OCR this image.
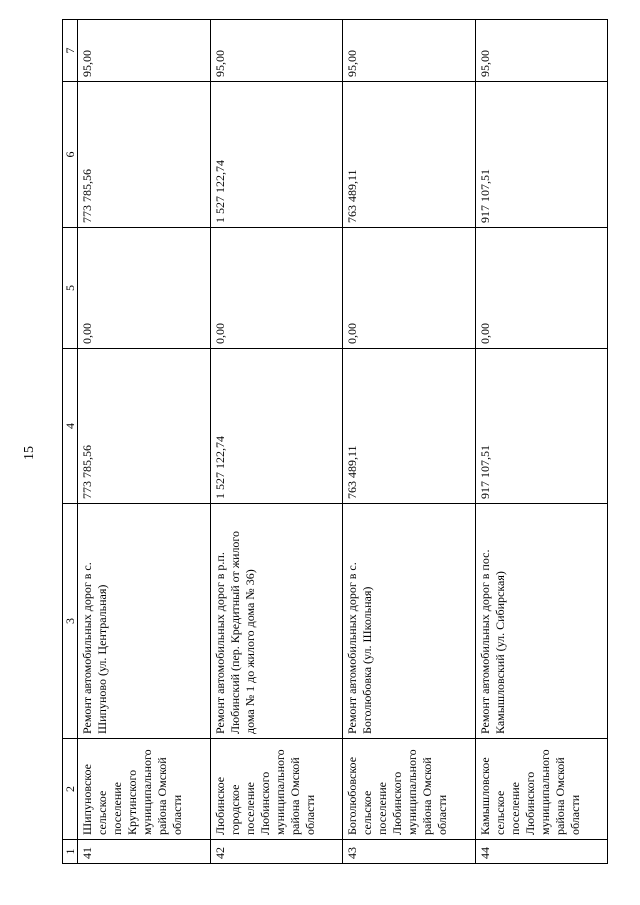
15
1	2	3	4	5	6	7
41	Шипуновское сельское поселение Крутинского муниципального района Омской области	Ремонт автомобильных дорог в с. Шипуново (ул. Центральная)	773 785,56	0,00	773 785,56	95,00
42	Любинское городское поселение Любинского муниципального района Омской области	Ремонт автомобильных дорог в р.п. Любинский (пер. Кредитный от жилого дома № 1 до жилого дома № 36)	1 527 122,74	0,00	1 527 122,74	95,00
43	Боголюбовское сельское поселение Любинского муниципального района Омской области	Ремонт автомобильных дорог в с. Боголюбовка (ул. Школьная)	763 489,11	0,00	763 489,11	95,00
44	Камышловское сельское поселение Любинского муниципального района Омской области	Ремонт автомобильных дорог в пос. Камышловский (ул. Сибирская)	917 107,51	0,00	917 107,51	95,00
